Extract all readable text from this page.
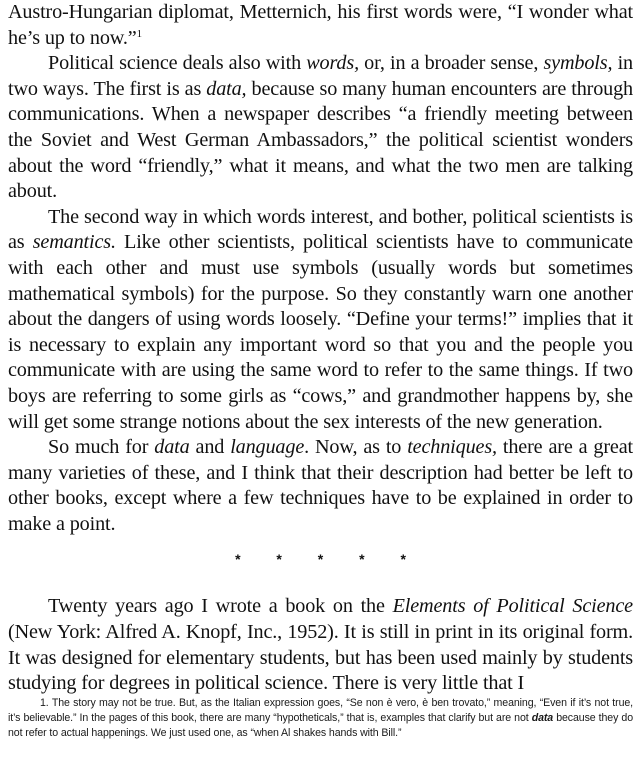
Austro-Hungarian diplomat, Metternich, his first words were, “I wonder what he’s up to now.”$^1$

Political science deals also with words, or, in a broader sense, symbols, in two ways. The first is as data, because so many human encounters are through communications. When a newspaper describes “a friendly meeting between the Soviet and West German Ambassadors,” the political scientist wonders about the word “friendly,” what it means, and what the two men are talking about.

The second way in which words interest, and bother, political scientists is as semantics. Like other scientists, political scientists have to communicate with each other and must use symbols (usually words but sometimes mathematical symbols) for the purpose. So they constantly warn one another about the dangers of using words loosely. “Define your terms!” implies that it is necessary to explain any important word so that you and the people you communicate with are using the same word to refer to the same things. If two boys are referring to some girls as “cows,” and grandmother happens by, she will get some strange notions about the sex interests of the new generation.

So much for data and language. Now, as to techniques, there are a great many varieties of these, and I think that their description had better be left to other books, except where a few techniques have to be explained in order to make a point.

* * * * *

Twenty years ago I wrote a book on the Elements of Political Science (New York: Alfred A. Knopf, Inc., 1952). It is still in print in its original form. It was designed for elementary students, but has been used mainly by students studying for degrees in political science. There is very little that I

1. The story may not be true. But, as the Italian expression goes, “Se non è vero, è ben trovato,” meaning, “Even if it’s not true, it’s believable.” In the pages of this book, there are many “hypotheticals,” that is, examples that clarify but are not data because they do not refer to actual happenings. We just used one, as “when Al shakes hands with Bill.”
